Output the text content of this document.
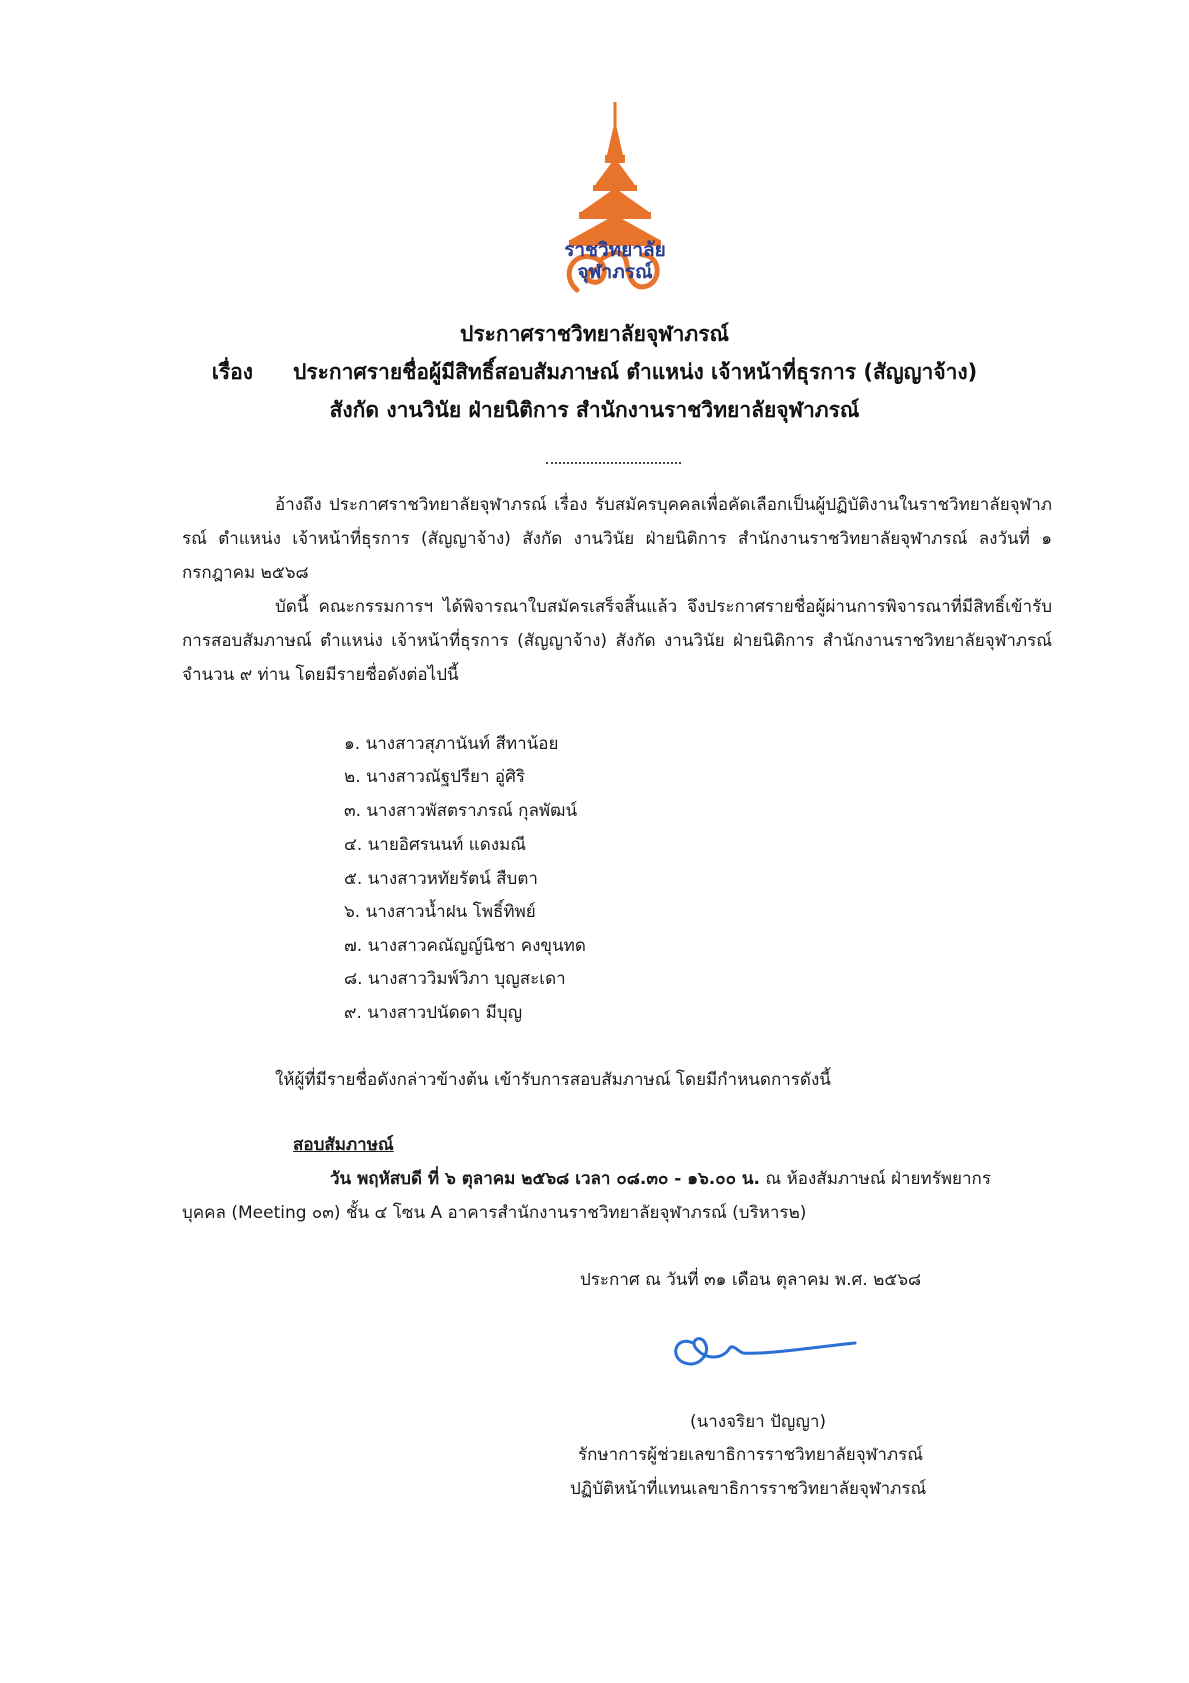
ราชวิทยาลัย
จุฬาภรณ์
ประกาศราชวิทยาลัยจุฬาภรณ์
เรื่อง ประกาศรายชื่อผู้มีสิทธิ์สอบสัมภาษณ์ ตำแหน่ง เจ้าหน้าที่ธุรการ (สัญญาจ้าง)
สังกัด งานวินัย ฝ่ายนิติการ สำนักงานราชวิทยาลัยจุฬาภรณ์
อ้างถึง ประกาศราชวิทยาลัยจุฬาภรณ์ เรื่อง รับสมัครบุคคลเพื่อคัดเลือกเป็นผู้ปฏิบัติงานในราชวิทยาลัยจุฬาภรณ์ ตำแหน่ง เจ้าหน้าที่ธุรการ (สัญญาจ้าง) สังกัด งานวินัย ฝ่ายนิติการ สำนักงานราชวิทยาลัยจุฬาภรณ์ ลงวันที่ ๑ กรกฎาคม ๒๕๖๘
บัดนี้ คณะกรรมการฯ ได้พิจารณาใบสมัครเสร็จสิ้นแล้ว จึงประกาศรายชื่อผู้ผ่านการพิจารณาที่มีสิทธิ์เข้ารับการสอบสัมภาษณ์ ตำแหน่ง เจ้าหน้าที่ธุรการ (สัญญาจ้าง) สังกัด งานวินัย ฝ่ายนิติการ สำนักงานราชวิทยาลัยจุฬาภรณ์ จำนวน ๙ ท่าน โดยมีรายชื่อดังต่อไปนี้
๑. นางสาวสุภานันท์ สีทาน้อย
๒. นางสาวณัฐปรียา อู่ศิริ
๓. นางสาวพัสตราภรณ์ กุลพัฒน์
๔. นายอิศรนนท์ แดงมณี
๕. นางสาวหทัยรัตน์ สืบตา
๖. นางสาวน้ำฝน โพธิ์ทิพย์
๗. นางสาวคณัญญ์นิชา คงขุนทด
๘. นางสาววิมพ์วิภา บุญสะเดา
๙. นางสาวปนัดดา มีบุญ
ให้ผู้ที่มีรายชื่อดังกล่าวข้างต้น เข้ารับการสอบสัมภาษณ์ โดยมีกำหนดการดังนี้
สอบสัมภาษณ์
วัน พฤหัสบดี ที่ ๖ ตุลาคม ๒๕๖๘ เวลา ๐๘.๓๐ - ๑๖.๐๐ น. ณ ห้องสัมภาษณ์ ฝ่ายทรัพยากร
บุคคล (Meeting ๐๓) ชั้น ๔ โซน A อาคารสำนักงานราชวิทยาลัยจุฬาภรณ์ (บริหาร๒)
ประกาศ ณ วันที่ ๓๑ เดือน ตุลาคม พ.ศ. ๒๕๖๘
(นางจริยา ปัญญา)
รักษาการผู้ช่วยเลขาธิการราชวิทยาลัยจุฬาภรณ์
ปฏิบัติหน้าที่แทนเลขาธิการราชวิทยาลัยจุฬาภรณ์
